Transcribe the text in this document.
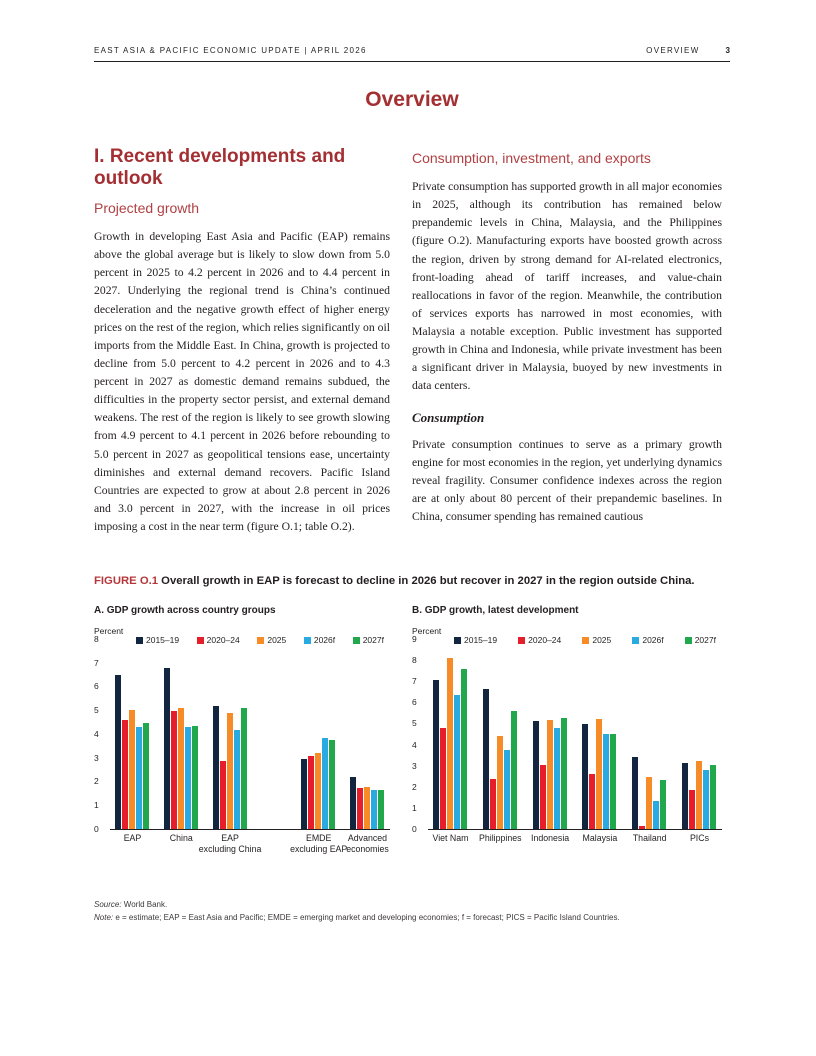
EAST ASIA & PACIFIC ECONOMIC UPDATE | APRIL 2026	OVERVIEW	3
Overview
I. Recent developments and outlook
Projected growth

Growth in developing East Asia and Pacific (EAP) remains above the global average but is likely to slow down from 5.0 percent in 2025 to 4.2 percent in 2026 and to 4.4 percent in 2027. Underlying the regional trend is China’s continued deceleration and the negative growth effect of higher energy prices on the rest of the region, which relies significantly on oil imports from the Middle East. In China, growth is projected to decline from 5.0 percent to 4.2 percent in 2026 and to 4.3 percent in 2027 as domestic demand remains subdued, the difficulties in the property sector persist, and external demand weakens. The rest of the region is likely to see growth slowing from 4.9 percent to 4.1 percent in 2026 before rebounding to 5.0 percent in 2027 as geopolitical tensions ease, uncertainty diminishes and external demand recovers. Pacific Island Countries are expected to grow at about 2.8 percent in 2026 and 3.0 percent in 2027, with the increase in oil prices imposing a cost in the near term (figure O.1; table O.2).

Consumption, investment, and exports

Private consumption has supported growth in all major economies in 2025, although its contribution has remained below prepandemic levels in China, Malaysia, and the Philippines (figure O.2). Manufacturing exports have boosted growth across the region, driven by strong demand for AI-related electronics, front-loading ahead of tariff increases, and value-chain reallocations in favor of the region. Meanwhile, the contribution of services exports has narrowed in most economies, with Malaysia a notable exception. Public investment has supported growth in China and Indonesia, while private investment has been a significant driver in Malaysia, buoyed by new investments in data centers.

Consumption

Private consumption continues to serve as a primary growth engine for most economies in the region, yet underlying dynamics reveal fragility. Consumer confidence indexes across the region are at only about 80 percent of their prepandemic baselines. In China, consumer spending has remained cautious

FIGURE O.1 Overall growth in EAP is forecast to decline in 2026 but recover in 2027 in the region outside China.
A. GDP growth across country groups
Percent
0
1
2
3
4
5
6
7
8	2015–19	2020–24	2025	2026f	2027f
EAP	China	EAP
excluding China
EMDE
excluding EAP
Advanced
economies
B. GDP growth, latest development
Percent
0
1
2
3
4
5
6
7
8
9	2015–19	2020–24	2025	2026f	2027f
Viet Nam	Philippines	Indonesia	Malaysia	Thailand	PICs
Source: World Bank.
Note: e = estimate; EAP = East Asia and Pacific; EMDE = emerging market and developing economies; f = forecast; PICS = Pacific Island Countries.
